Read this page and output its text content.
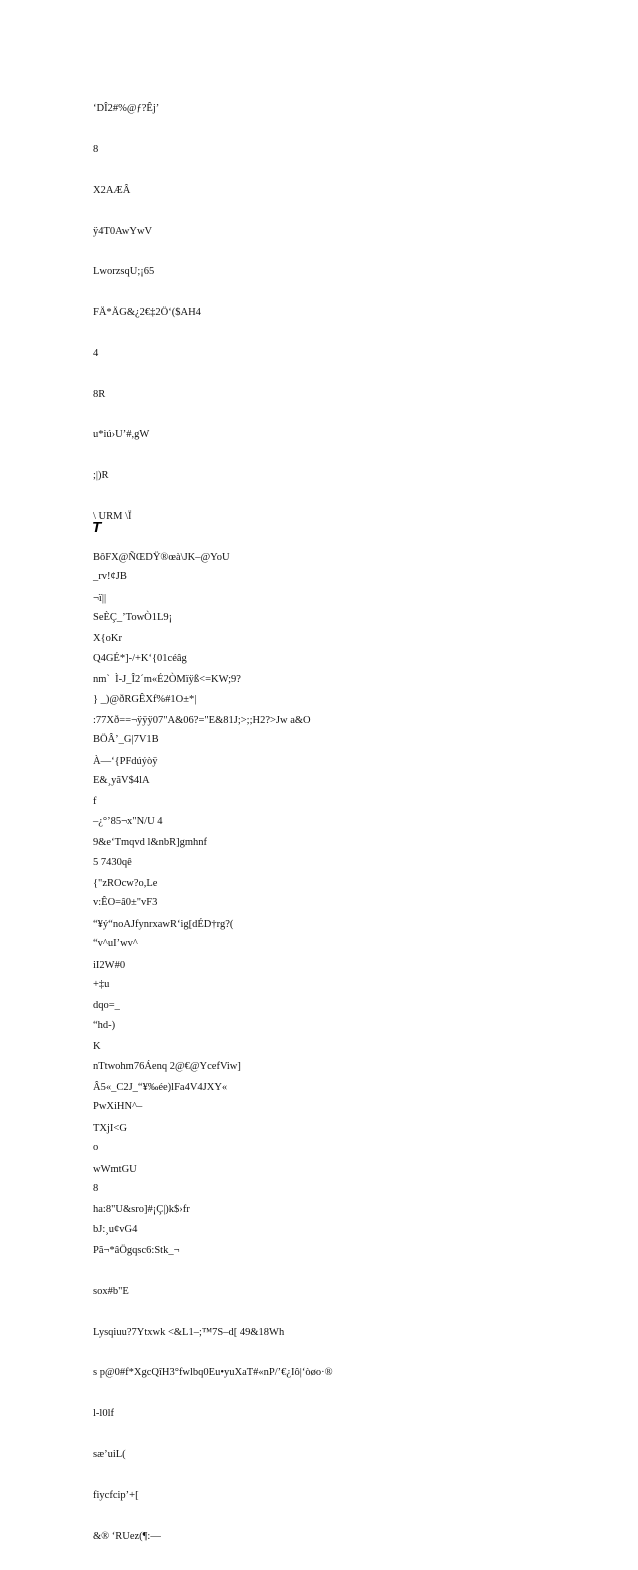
‘DÎ2#%@ƒ?Êj’

8

X2AÆÂ

ÿ4T0AwYwV

LworzsqU;¡65

FÄ*ÄG&¿2€‡2Ö‘($AH4

4

8R

u*iú›U’#,gW

;|)R

\ URM \Ï

BôFX@ÑŒDŸ®œà\JK–@YoU

¬ï||

X{oKr

nm`  Ì-J_Î2´m«É2ÒMïÿß<=KW;9?

:77Xð==¬ÿÿÿ07"A&06?="E&81J;>;;H2?>Jw a&O

À—‘{PFdúýòÿ

f

9&e‘Tmqvd l&nbR]gmhnf

{"zROcw?o,Le

“¥ý“noAJfynrxawR‘ig[dÉD†rg?(

iI2W#0

dqo=_

K

Â5«_C2J_“¥‰ée)lFa4V4JXY«

TXjI<G

wWmtGU

ha:8"U&sro]#¡Ç|)k$›fr

Pã¬*âÖgqsc6:Stk_¬

sox#b"E

Lysqiuu?7Ytxwk <&L1–;™7S–d[ 49&18Wh

s p@0#f*XgcQîH3°fwlbq0Eu•yuXaT#«nP/’€¿Iô|‘òøo·®

l-l0lf

sæ’uiL(

fiycfcip’+[

&® ‘RUez(¶:—

T

_rv!¢JB

SeÈÇ_’TowÒ1L9¡

Q4GÉ*]-/+K‘{01céâg

} _)@ðRGÊXf%#1O±*|

BÖÂ’_G|7V1B

E&¸yãV$4lA

–¿°’85¬x"N/U 4

5 7430qê

v:ÊO=â0±"vF3

“v^uI’wv^

+‡u

“hd-)

nTtwohm76Áenq 2@€@YcefViw]

PwXiHN^–

o

8

bJ:¸u¢vG4
